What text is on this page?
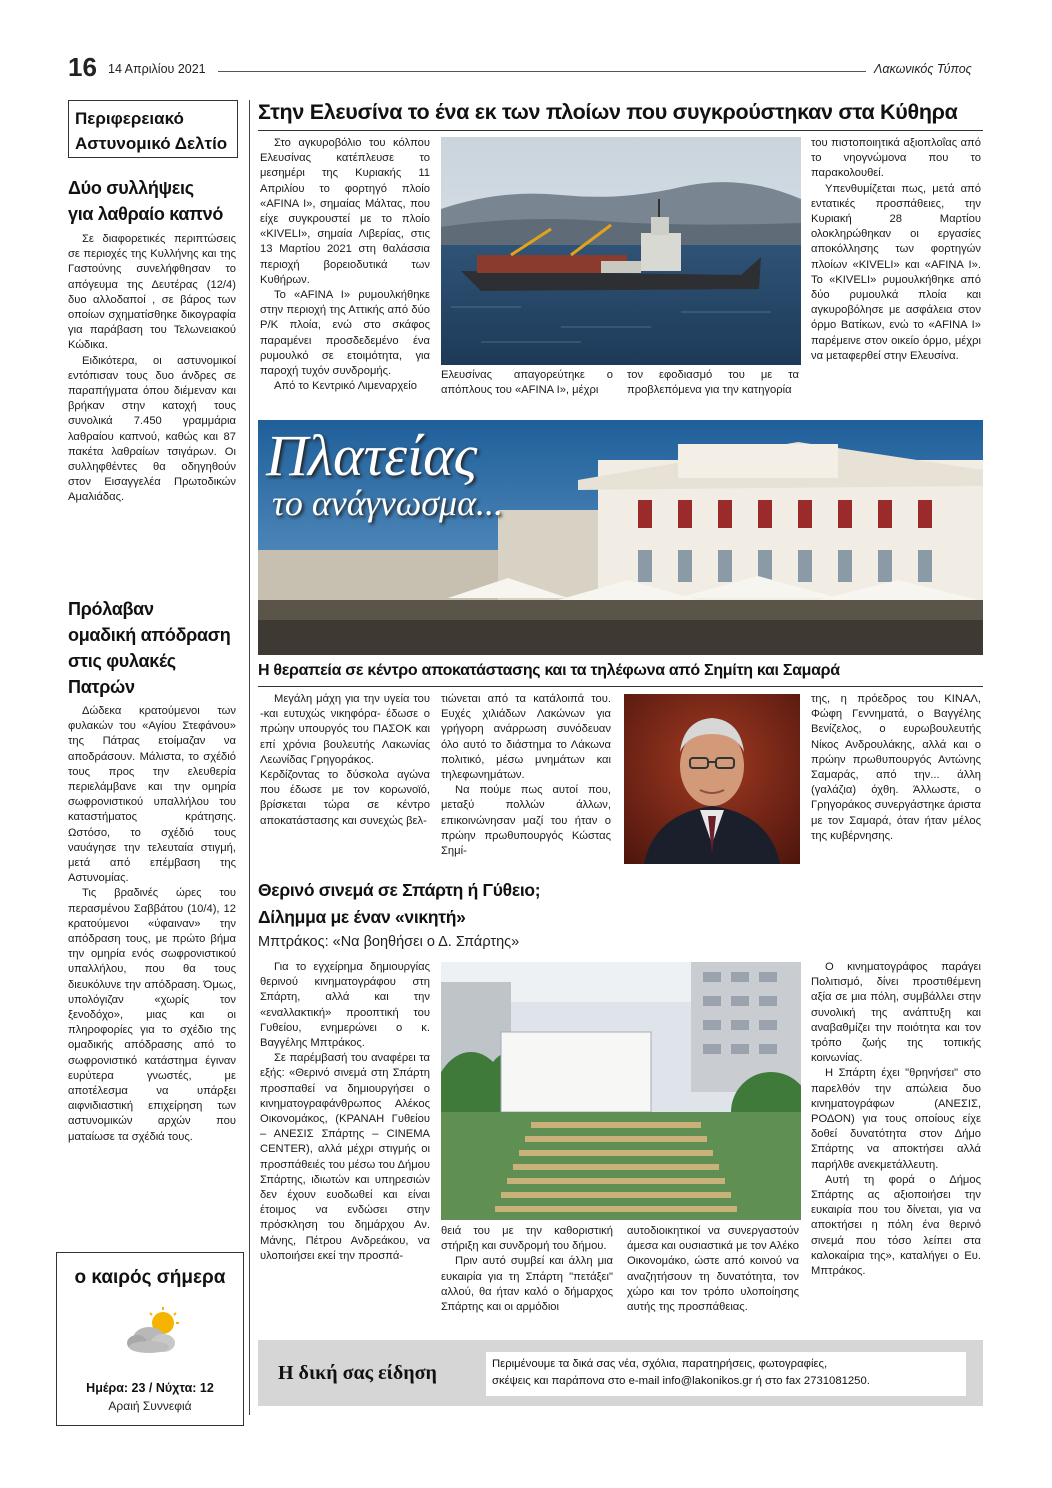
16 14 Απριλίου 2021	Λακωνικός Τύπος
Περιφερειακό
Αστυνομικό Δελτίο
Δύο συλλήψεις
για λαθραίο καπνό

Σε διαφορετικές περιπτώσεις σε περιοχές της Κυλλήνης και της Γαστούνης συνελήφθησαν το απόγευμα της Δευτέρας (12/4) δυο αλλοδαποί , σε βάρος των οποίων σχηματίσθηκε δικογραφία για παράβαση του Τελωνειακού Κώδικα.

Ειδικότερα, οι αστυνομικοί εντόπισαν τους δυο άνδρες σε παραπήγματα όπου διέμεναν και βρήκαν στην κατοχή τους συνολικά 7.450 γραμμάρια λαθραίου καπνού, καθώς και 87 πακέτα λαθραίων τσιγάρων. Οι συλληφθέντες θα οδηγηθούν στον Εισαγγελέα Πρωτοδικών Αμαλιάδας.

Πρόλαβαν
ομαδική απόδραση
στις φυλακές
Πατρών

Δώδεκα κρατούμενοι των φυλακών του «Αγίου Στεφάνου» της Πάτρας ετοίμαζαν να αποδράσουν. Μάλιστα, το σχέδιό τους προς την ελευθερία περιελάμβανε και την ομηρία σωφρονιστικού υπαλλήλου του καταστήματος κράτησης. Ωστόσο, το σχέδιό τους ναυάγησε την τελευταία στιγμή, μετά από επέμβαση της Αστυνομίας.

Τις βραδινές ώρες του περασμένου Σαββάτου (10/4), 12 κρατούμενοι «ύφαιναν» την απόδραση τους, με πρώτο βήμα την ομηρία ενός σωφρονιστικού υπαλλήλου, που θα τους διευκόλυνε την απόδραση. Όμως, υπολόγιζαν «χωρίς τον ξενοδόχο», μιας και οι πληροφορίες για το σχέδιο της ομαδικής απόδρασης από το σωφρονιστικό κατάστημα έγιναν ευρύτερα γνωστές, με αποτέλεσμα να υπάρξει αιφνιδιαστική επιχείρηση των αστυνομικών αρχών που ματαίωσε τα σχέδιά τους.

ο καιρός σήμερα
Ημέρα: 23 / Νύχτα: 12
Αραιή Συννεφιά
Στην Ελευσίνα το ένα εκ των πλοίων που συγκρούστηκαν στα Κύθηρα

Στο αγκυροβόλιο του κόλπου Ελευσίνας κατέπλευσε το μεσημέρι της Κυριακής 11 Απριλίου το φορτηγό πλοίο «AFINA I», σημαίας Μάλτας, που είχε συγκρουστεί με το πλοίο «KIVELI», σημαία Λιβερίας, στις 13 Μαρτίου 2021 στη θαλάσσια περιοχή βορειοδυτικά των Κυθήρων.

Το «AFINA I» ρυμουλκήθηκε στην περιοχή της Αττικής από δύο Ρ/Κ πλοία, ενώ στο σκάφος παραμένει προσδεδεμένο ένα ρυμουλκό σε ετοιμότητα, για παροχή τυχόν συνδρομής.

Από το Κεντρικό Λιμεναρχείο

Ελευσίνας απαγορεύτηκε ο απόπλους του «AFINA I», μέχρι

τον εφοδιασμό του με τα προβλεπόμενα για την κατηγορία

του πιστοποιητικά αξιοπλοΐας από το νηογνώμονα που το παρακολουθεί.

Υπενθυμίζεται πως, μετά από εντατικές προσπάθειες, την Κυριακή 28 Μαρτίου ολοκληρώθηκαν οι εργασίες αποκόλλησης των φορτηγών πλοίων «KIVELI» και «AFINA I». Το «KIVELI» ρυμουλκήθηκε από δύο ρυμουλκά πλοία και αγκυροβόλησε με ασφάλεια στον όρμο Βατίκων, ενώ το «AFINA I» παρέμεινε στον οικείο όρμο, μέχρι να μεταφερθεί στην Ελευσίνα.

Πλατείας
το ανάγνωσμα...
Η θεραπεία σε κέντρο αποκατάστασης και τα τηλέφωνα από Σημίτη και Σαμαρά

Μεγάλη μάχη για την υγεία του -και ευτυχώς νικηφόρα- έδωσε ο πρώην υπουργός του ΠΑΣΟΚ και επί χρόνια βουλευτής Λακωνίας Λεωνίδας Γρηγοράκος.

Κερδίζοντας το δύσκολα αγώνα που έδωσε με τον κορωνοϊό, βρίσκεται τώρα σε κέντρο αποκατάστασης και συνεχώς βελ-

τιώνεται από τα κατάλοιπά του. Ευχές χιλιάδων Λακώνων για γρήγορη ανάρρωση συνόδευαν όλο αυτό το διάστημα το Λάκωνα πολιτικό, μέσω μνημάτων και τηλεφωνημάτων.

Να πούμε πως αυτοί που, μεταξύ πολλών άλλων, επικοινώνησαν μαζί του ήταν ο πρώην πρωθυπουργός Κώστας Σημί-

της, η πρόεδρος του ΚΙΝΑΛ, Φώφη Γεννηματά, ο Βαγγέλης Βενίζελος, ο ευρωβουλευτής Νίκος Ανδρουλάκης, αλλά και ο πρώην πρωθυπουργός Αντώνης Σαμαράς, από την... άλλη (γαλάζια) όχθη. Άλλωστε, ο Γρηγοράκος συνεργάστηκε άριστα με τον Σαμαρά, όταν ήταν μέλος της κυβέρνησης.

Θερινό σινεμά σε Σπάρτη ή Γύθειο;
Δίλημμα με έναν «νικητή»
Μπτράκος: «Να βοηθήσει ο Δ. Σπάρτης»

Για το εγχείρημα δημιουργίας θερινού κινηματογράφου στη Σπάρτη, αλλά και την «εναλλακτική» προοπτική του Γυθείου, ενημερώνει ο κ. Βαγγέλης Μπτράκος.

Σε παρέμβασή του αναφέρει τα εξής: «Θερινό σινεμά στη Σπάρτη προσπαθεί να δημιουργήσει ο κινηματογραφάνθρωπος Αλέκος Οικονομάκος, (ΚΡΑΝΑΗ Γυθείου – ΑΝΕΣΙΣ Σπάρτης – CINEMA CENTER), αλλά μέχρι στιγμής οι προσπάθειές του μέσω του Δήμου Σπάρτης, ιδιωτών και υπηρεσιών δεν έχουν ευοδωθεί και είναι έτοιμος να ενδώσει στην πρόσκληση του δημάρχου Αν. Μάνης, Πέτρου Ανδρεάκου, να υλοποιήσει εκεί την προσπά-

θειά του με την καθοριστική στήριξη και συνδρομή του δήμου.

Πριν αυτό συμβεί και άλλη μια ευκαιρία για τη Σπάρτη "πετάξει" αλλού, θα ήταν καλό ο δήμαρχος Σπάρτης και οι αρμόδιοι

αυτοδιοικητικοί να συνεργαστούν άμεσα και ουσιαστικά με τον Αλέκο Οικονομάκο, ώστε από κοινού να αναζητήσουν τη δυνατότητα, τον χώρο και τον τρόπο υλοποίησης αυτής της προσπάθειας.

Ο κινηματογράφος παράγει Πολιτισμό, δίνει προστιθέμενη αξία σε μια πόλη, συμβάλλει στην συνολική της ανάπτυξη και αναβαθμίζει την ποιότητα και τον τρόπο ζωής της τοπικής κοινωνίας.

Η Σπάρτη έχει "θρηνήσει" στο παρελθόν την απώλεια δυο κινηματογράφων (ΑΝΕΣΙΣ, ΡΟΔΟΝ) για τους οποίους είχε δοθεί δυνατότητα στον Δήμο Σπάρτης να αποκτήσει αλλά παρήλθε ανεκμετάλλευτη.

Αυτή τη φορά ο Δήμος Σπάρτης ας αξιοποιήσει την ευκαιρία που του δίνεται, για να αποκτήσει η πόλη ένα θερινό σινεμά που τόσο λείπει στα καλοκαίρια της», καταλήγει ο Ευ. Μπτράκος.

Η δική σας είδηση	Περιμένουμε τα δικά σας νέα, σχόλια, παρατηρήσεις, φωτογραφίες,
σκέψεις και παράπονα στο e-mail info@lakonikos.gr ή στο fax 2731081250.
